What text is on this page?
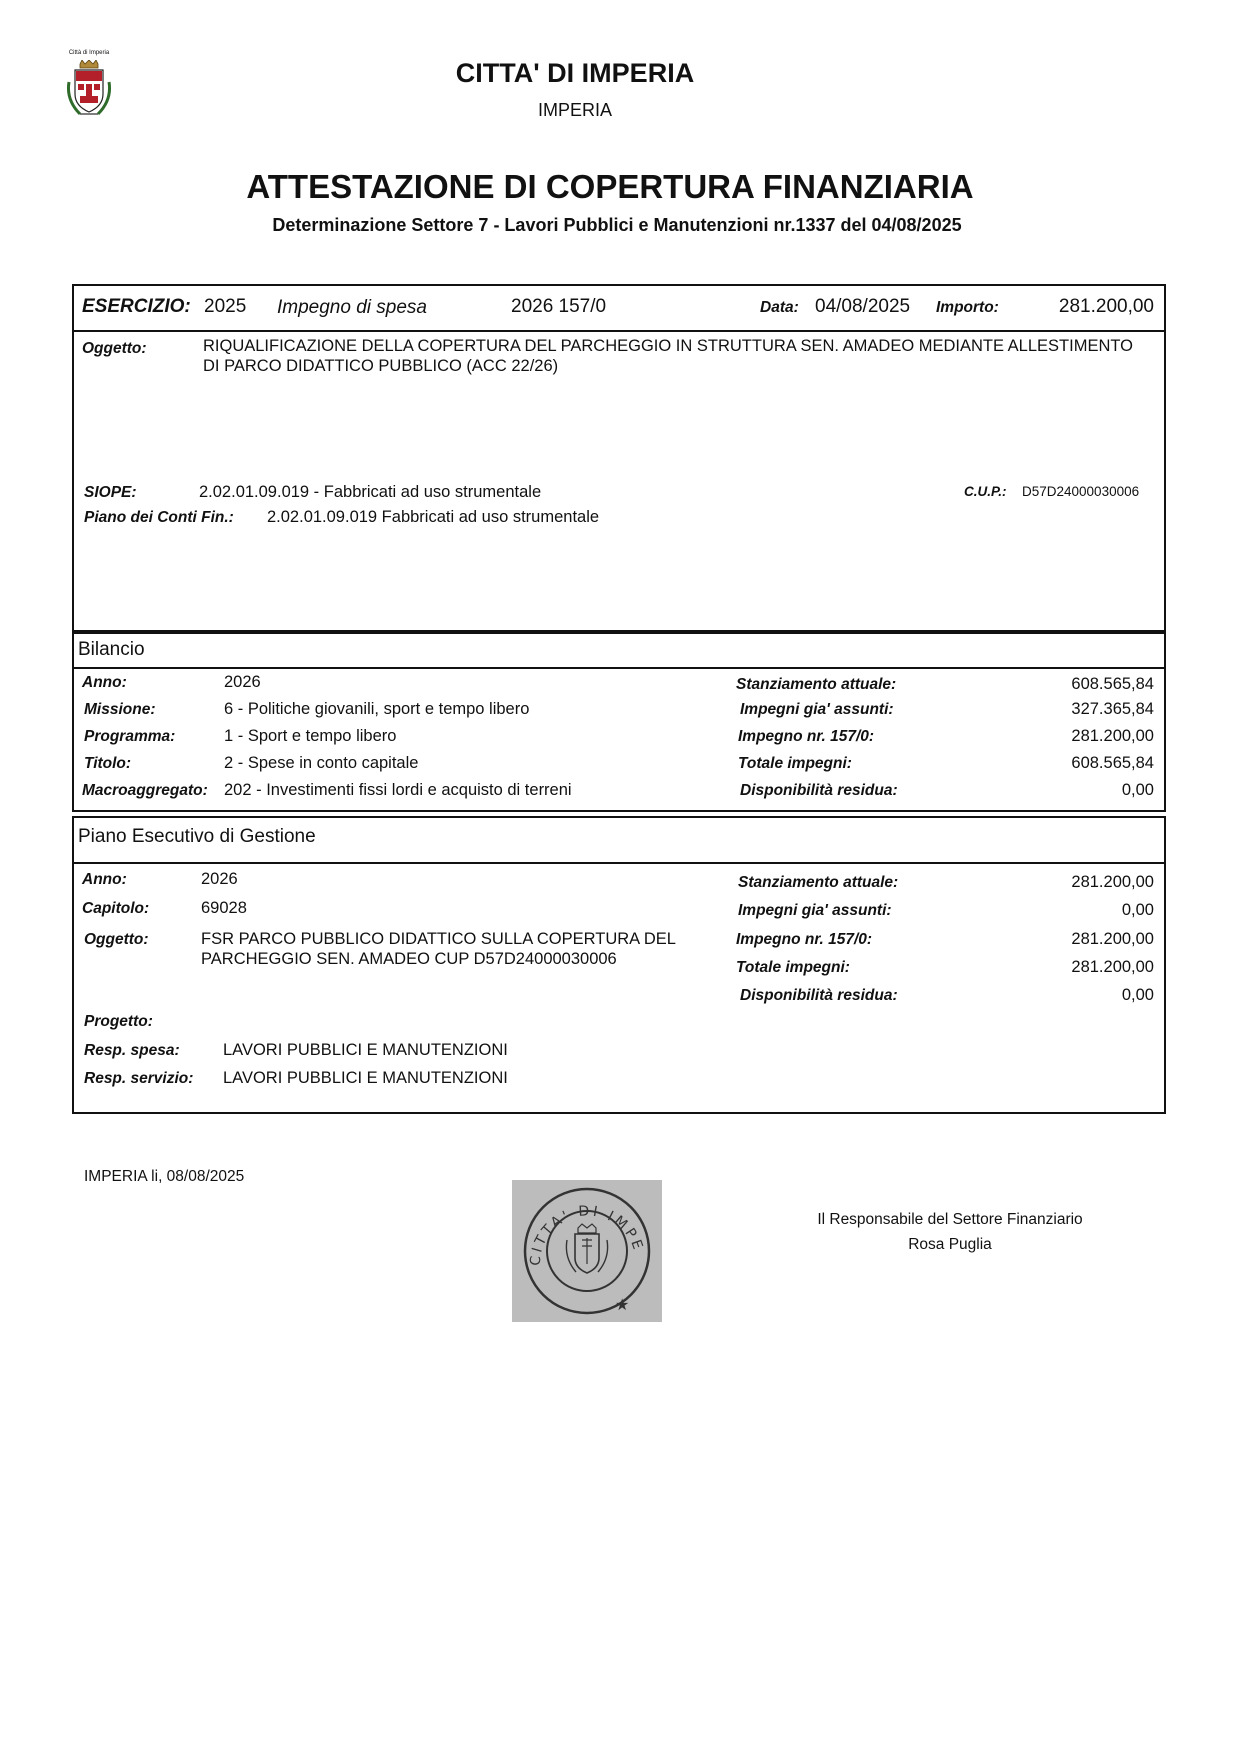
Città di Imperia
CITTA' DI IMPERIA
IMPERIA
ATTESTAZIONE DI COPERTURA FINANZIARIA
Determinazione Settore 7 - Lavori Pubblici e Manutenzioni nr.1337 del 04/08/2025
ESERCIZIO: 2025 Impegno di spesa	2026 157/0	Data: 04/08/2025 Importo:	281.200,00
Oggetto:	RIQUALIFICAZIONE DELLA COPERTURA DEL PARCHEGGIO IN STRUTTURA SEN. AMADEO MEDIANTE ALLESTIMENTO
DI PARCO DIDATTICO PUBBLICO (ACC 22/26)
SIOPE:	2.02.01.09.019 - Fabbricati ad uso strumentale	C.U.P.: D57D24000030006
Piano dei Conti Fin.: 2.02.01.09.019 Fabbricati ad uso strumentale
Bilancio
Anno:	2026	Stanziamento attuale:	608.565,84
Missione:	6 - Politiche giovanili, sport e tempo libero	Impegni gia' assunti:	327.365,84
Programma:	1 - Sport e tempo libero	Impegno nr. 157/0:	281.200,00
Titolo:	2 - Spese in conto capitale	Totale impegni:	608.565,84
Macroaggregato: 202 - Investimenti fissi lordi e acquisto di terreni	Disponibilità residua:	0,00
Piano Esecutivo di Gestione
Anno:	2026
Capitolo:	69028
Oggetto:	FSR PARCO PUBBLICO DIDATTICO SULLA COPERTURA DEL
PARCHEGGIO SEN. AMADEO CUP D57D24000030006
Stanziamento attuale:	281.200,00
Impegni gia' assunti:	0,00
Impegno nr. 157/0:	281.200,00
Totale impegni:	281.200,00
Disponibilità residua:	0,00
Progetto:
Resp. spesa:	LAVORI PUBBLICI E MANUTENZIONI
Resp. servizio: LAVORI PUBBLICI E MANUTENZIONI
IMPERIA li, 08/08/2025
CITTA' DI IMPE
★
Il Responsabile del Settore Finanziario
Rosa Puglia
